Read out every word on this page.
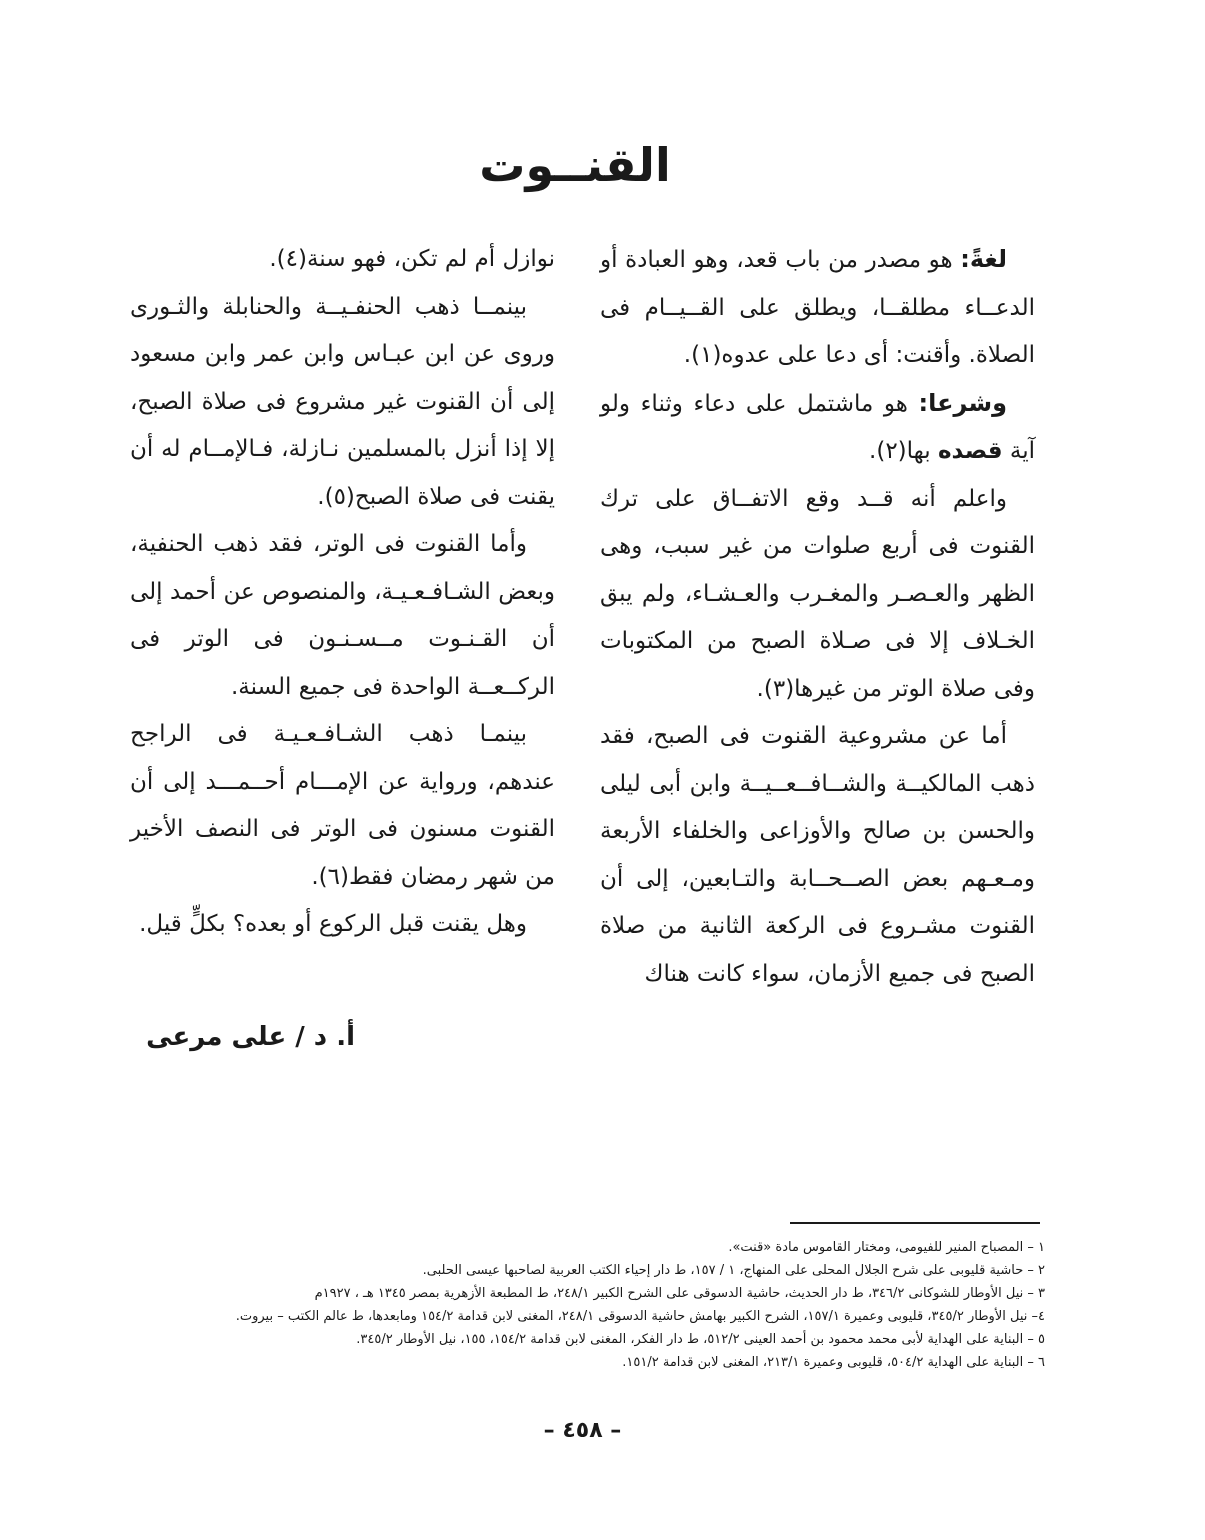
القنــوت

لغةً: هو مصدر من باب قعد، وهو العبادة أو الدعــاء مطلقــا، ويطلق على القــيــام فى الصلاة. وأقنت: أى دعا على عدوه(١).

وشرعا: هو ماشتمل على دعاء وثناء ولو آية قصده بها(٢).

واعلم أنه قــد وقع الاتفــاق على ترك القنوت فى أربع صلوات من غير سبب، وهى الظهر والعـصـر والمغـرب والعـشـاء، ولم يبق الخـلاف إلا فى صـلاة الصبح من المكتوبات وفى صلاة الوتر من غيرها(٣).

أما عن مشروعية القنوت فى الصبح، فقد ذهب المالكيــة والشــافــعــيــة وابن أبى ليلى والحسن بن صالح والأوزاعى والخلفاء الأربعة ومـعـهم بعض الصــحــابة والتـابعين، إلى أن القنوت مشـروع فى الركعة الثانية من صلاة الصبح فى جميع الأزمان، سواء كانت هناك

نوازل أم لم تكن، فهو سنة(٤).

بينمــا ذهب الحنفـيــة والحنابلة والثـورى وروى عن ابن عبـاس وابن عمر وابن مسعود إلى أن القنوت غير مشروع فى صلاة الصبح، إلا إذا أنزل بالمسلمين نـازلة، فـالإمــام له أن يقنت فى صلاة الصبح(٥).

وأما القنوت فى الوتر، فقد ذهب الحنفية، وبعض الشـافـعـيـة، والمنصوص عن أحمد إلى أن القـنـوت مــسـنـون فى الوتر فى الركــعــة الواحدة فى جميع السنة.

بينمـا ذهب الشـافـعـيـة فى الراجح عندهم، ورواية عن الإمـــام أحــمـــد إلى أن القنوت مسنون فى الوتر فى النصف الأخير من شهر رمضان فقط(٦).

وهل يقنت قبل الركوع أو بعده؟ بكلٍّ قيل.

أ. د / على مرعى

١ – المصباح المنير للفيومى، ومختار القاموس مادة «قنت».

٢ – حاشية قليوبى على شرح الجلال المحلى على المنهاج، ١ / ١٥٧، ط دار إحياء الكتب العربية لصاحبها عيسى الحلبى.

٣ – نيل الأوطار للشوكانى ٣٤٦/٢، ط دار الحديث، حاشية الدسوقى على الشرح الكبير ٢٤٨/١، ط المطبعة الأزهرية بمصر ١٣٤٥ هـ ، ١٩٢٧م

٤– نيل الأوطار ٣٤٥/٢، قليوبى وعميرة ١٥٧/١، الشرح الكبير بهامش حاشية الدسوقى ٢٤٨/١، المغنى لابن قدامة ١٥٤/٢ ومابعدها، ط عالم الكتب – بيروت.

٥ – البناية على الهداية لأبى محمد محمود بن أحمد العينى ٥١٢/٢، ط دار الفكر، المغنى لابن قدامة ١٥٤/٢، ١٥٥، نيل الأوطار ٣٤٥/٢.

٦ – البناية على الهداية ٥٠٤/٢، قليوبى وعميرة ٢١٣/١، المغنى لابن قدامة ١٥١/٢.

– ٤٥٨ –
